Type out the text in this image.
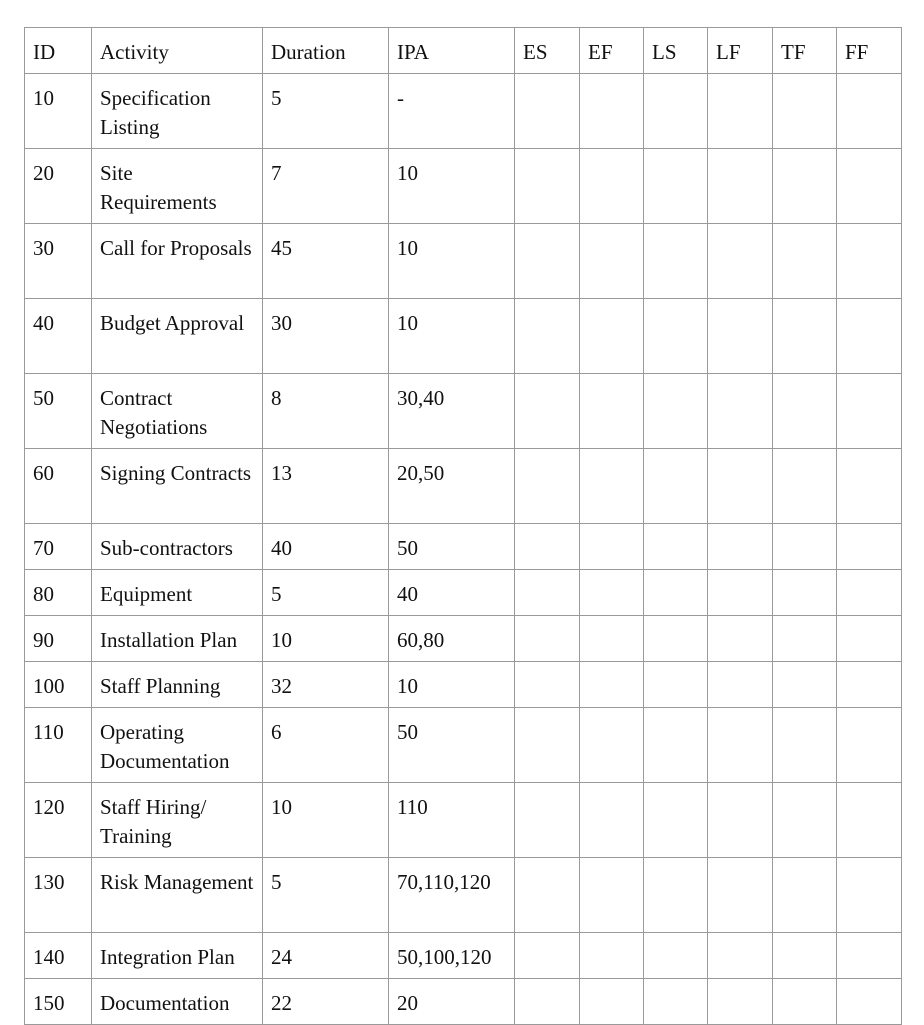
ID	Activity	Duration	IPA	ES	EF	LS	LF	TF	FF
10	Specification Listing	5	-						
20	Site Requirements	7	10						
30	Call for Proposals	45	10						
40	Budget Approval	30	10						
50	Contract Negotiations	8	30,40						
60	Signing Contracts	13	20,50						
70	Sub-contractors	40	50						
80	Equipment	5	40						
90	Installation Plan	10	60,80						
100	Staff Planning	32	10						
110	Operating Documentation	6	50						
120	Staff Hiring/ Training	10	110						
130	Risk Management	5	70,110,120						
140	Integration Plan	24	50,100,120						
150	Documentation	22	20						
